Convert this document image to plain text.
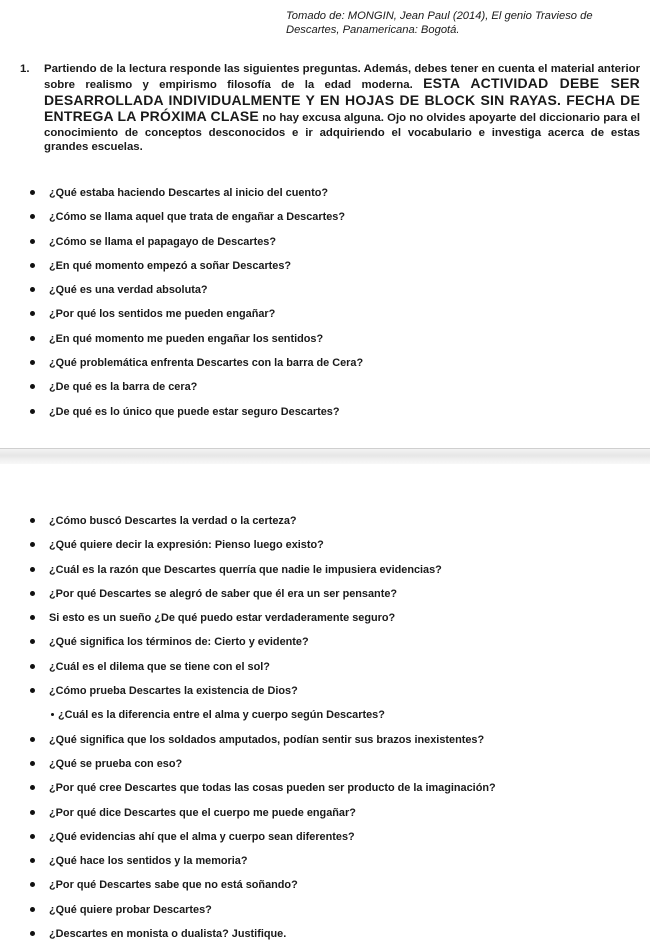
Tomado de: MONGIN, Jean Paul (2014), El genio Travieso de
Descartes, Panamericana: Bogotá.
1.	Partiendo de la lectura responde las siguientes preguntas. Además, debes tener en cuenta el material anterior sobre realismo y empirismo filosofía de la edad moderna. ESTA ACTIVIDAD DEBE SER DESARROLLADA INDIVIDUALMENTE Y EN HOJAS DE BLOCK SIN RAYAS. FECHA DE ENTREGA LA PRÓXIMA CLASE no hay excusa alguna. Ojo no olvides apoyarte del diccionario para el conocimiento de conceptos desconocidos e ir adquiriendo el vocabulario e investiga acerca de estas grandes escuelas.
¿Qué estaba haciendo Descartes al inicio del cuento?
¿Cómo se llama aquel que trata de engañar a Descartes?
¿Cómo se llama el papagayo de Descartes?
¿En qué momento empezó a soñar Descartes?
¿Qué es una verdad absoluta?
¿Por qué los sentidos me pueden engañar?
¿En qué momento me pueden engañar los sentidos?
¿Qué problemática enfrenta Descartes con la barra de Cera?
¿De qué es la barra de cera?
¿De qué es lo único que puede estar seguro Descartes?
¿Cómo buscó Descartes la verdad o la certeza?
¿Qué quiere decir la expresión: Pienso luego existo?
¿Cuál es la razón que Descartes querría que nadie le impusiera evidencias?
¿Por qué Descartes se alegró de saber que él era un ser pensante?
Si esto es un sueño ¿De qué puedo estar verdaderamente seguro?
¿Qué significa los términos de: Cierto y evidente?
¿Cuál es el dilema que se tiene con el sol?
¿Cómo prueba Descartes la existencia de Dios?
¿Cuál es la diferencia entre el alma y cuerpo según Descartes?
¿Qué significa que los soldados amputados, podían sentir sus brazos inexistentes?
¿Qué se prueba con eso?
¿Por qué cree Descartes que todas las cosas pueden ser producto de la imaginación?
¿Por qué dice Descartes que el cuerpo me puede engañar?
¿Qué evidencias ahí que el alma y cuerpo sean diferentes?
¿Qué hace los sentidos y la memoria?
¿Por qué Descartes sabe que no está soñando?
¿Qué quiere probar Descartes?
¿Descartes en monista o dualista? Justifique.
